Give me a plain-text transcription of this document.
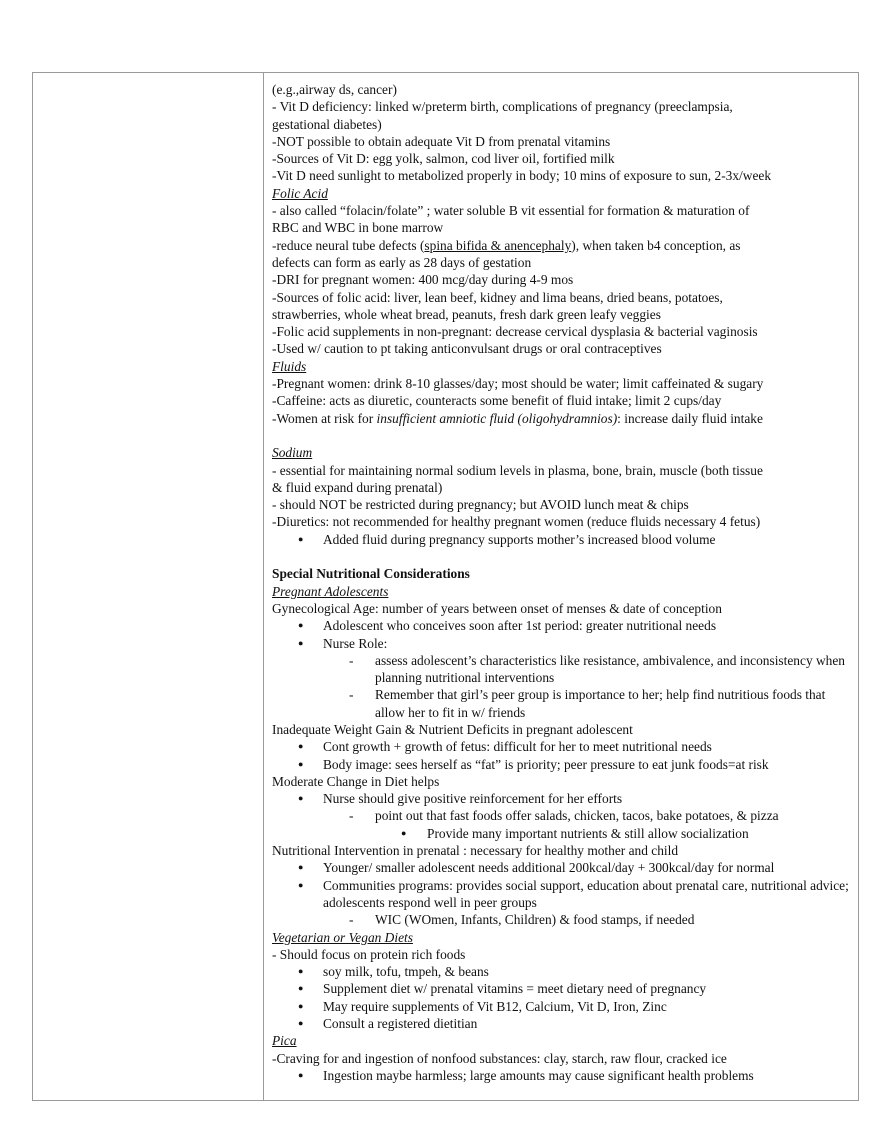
(e.g.,airway ds, cancer)
- Vit D deficiency: linked w/preterm birth, complications of pregnancy (preeclampsia,
gestational diabetes)
-NOT possible to obtain adequate Vit D from prenatal vitamins
-Sources of Vit D: egg yolk, salmon, cod liver oil, fortified milk
-Vit D need sunlight to metabolized properly in body; 10 mins of exposure to sun, 2-3x/week
Folic Acid
- also called “folacin/folate” ; water soluble B vit essential for formation & maturation of
RBC and WBC in bone marrow
-reduce neural tube defects (spina bifida & anencephaly), when taken b4 conception, as
defects can form as early as 28 days of gestation
-DRI for pregnant women: 400 mcg/day during 4-9 mos
-Sources of folic acid: liver, lean beef, kidney and lima beans, dried beans, potatoes,
strawberries, whole wheat bread, peanuts, fresh dark green leafy veggies
-Folic acid supplements in non-pregnant: decrease cervical dysplasia & bacterial vaginosis
-Used w/ caution to pt taking anticonvulsant drugs or oral contraceptives
Fluids
-Pregnant women: drink 8-10 glasses/day; most should be water; limit caffeinated & sugary
-Caffeine: acts as diuretic, counteracts some benefit of fluid intake; limit 2 cups/day
-Women at risk for insufficient amniotic fluid (oligohydramnios): increase daily fluid intake
Sodium
- essential for maintaining normal sodium levels in plasma, bone, brain, muscle (both tissue
& fluid expand during prenatal)
- should NOT be restricted during pregnancy; but AVOID lunch meat & chips
-Diuretics: not recommended for healthy pregnant women (reduce fluids necessary 4 fetus)
● Added fluid during pregnancy supports mother’s increased blood volume
Special Nutritional Considerations
Pregnant Adolescents
Gynecological Age: number of years between onset of menses & date of conception
● Adolescent who conceives soon after 1st period: greater nutritional needs
● Nurse Role:
- assess adolescent’s characteristics like resistance, ambivalence, and inconsistency when planning nutritional interventions
- Remember that girl’s peer group is importance to her; help find nutritious foods that allow her to fit in w/ friends
Inadequate Weight Gain & Nutrient Deficits in pregnant adolescent
● Cont growth + growth of fetus: difficult for her to meet nutritional needs
● Body image: sees herself as “fat” is priority; peer pressure to eat junk foods=at risk
Moderate Change in Diet helps
● Nurse should give positive reinforcement for her efforts
- point out that fast foods offer salads, chicken, tacos, bake potatoes, & pizza
● Provide many important nutrients & still allow socialization
Nutritional Intervention in prenatal : necessary for healthy mother and child
● Younger/ smaller adolescent needs additional 200kcal/day + 300kcal/day for normal
● Communities programs: provides social support, education about prenatal care, nutritional advice; adolescents respond well in peer groups
- WIC (WOmen, Infants, Children) & food stamps, if needed
Vegetarian or Vegan Diets
- Should focus on protein rich foods
● soy milk, tofu, tmpeh, & beans
● Supplement diet w/ prenatal vitamins = meet dietary need of pregnancy
● May require supplements of Vit B12, Calcium, Vit D, Iron, Zinc
● Consult a registered dietitian
Pica
-Craving for and ingestion of nonfood substances: clay, starch, raw flour, cracked ice
● Ingestion maybe harmless; large amounts may cause significant health problems
